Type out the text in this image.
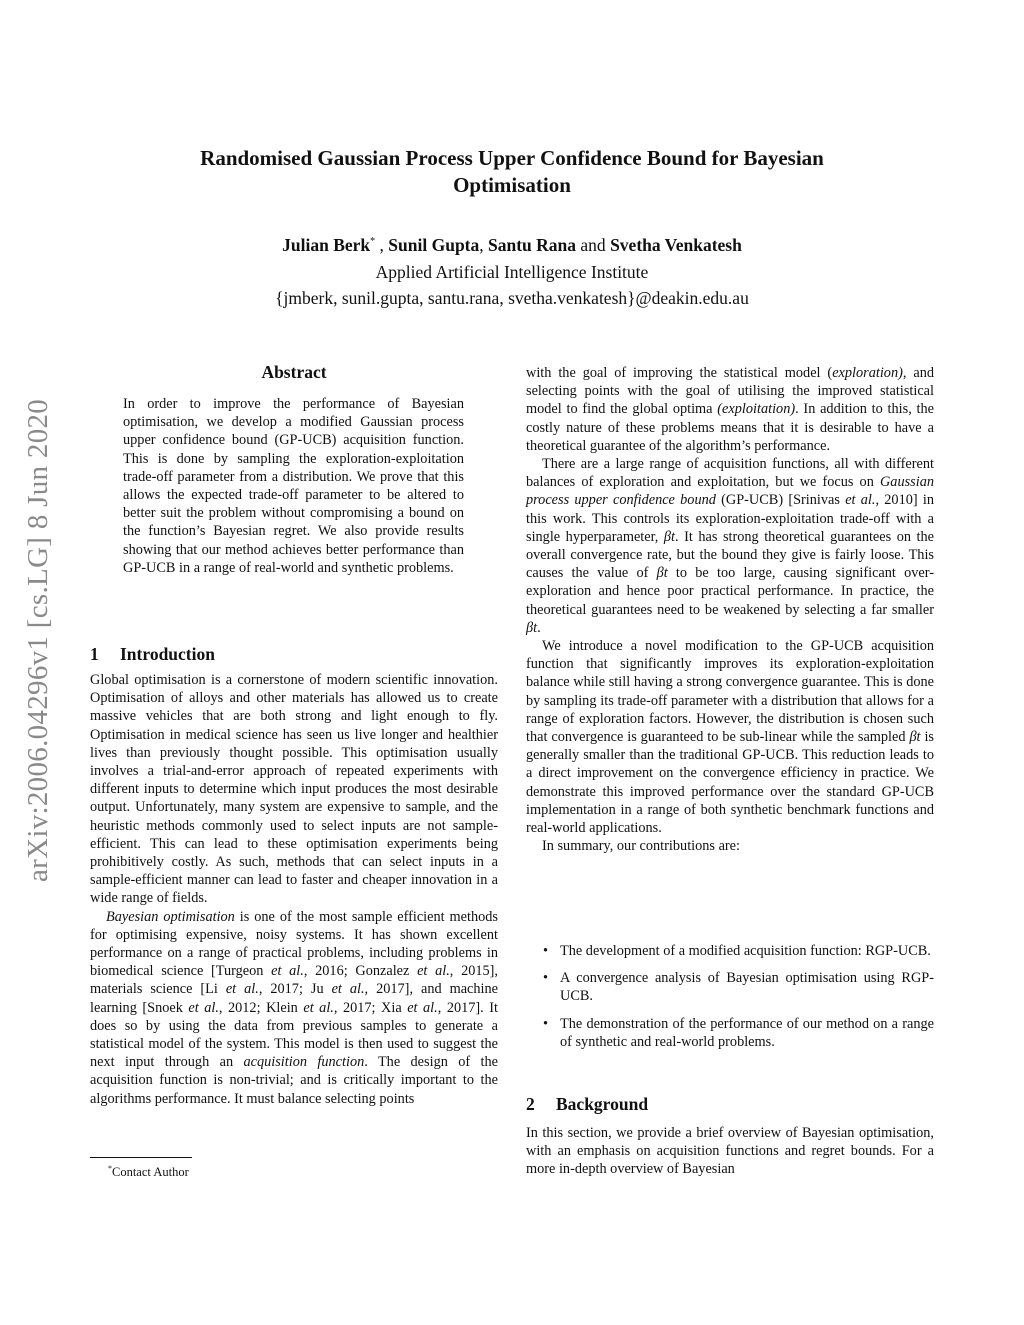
arXiv:2006.04296v1 [cs.LG] 8 Jun 2020
Randomised Gaussian Process Upper Confidence Bound for Bayesian
Optimisation
Julian Berk* , Sunil Gupta, Santu Rana and Svetha Venkatesh
Applied Artificial Intelligence Institute
{jmberk, sunil.gupta, santu.rana, svetha.venkatesh}@deakin.edu.au
Abstract
In order to improve the performance of Bayesian optimisation, we develop a modified Gaussian process upper confidence bound (GP-UCB) acquisition function. This is done by sampling the exploration-exploitation trade-off parameter from a distribution. We prove that this allows the expected trade-off parameter to be altered to better suit the problem without compromising a bound on the function’s Bayesian regret. We also provide results showing that our method achieves better performance than GP-UCB in a range of real-world and synthetic problems.
1 Introduction

Global optimisation is a cornerstone of modern scientific innovation. Optimisation of alloys and other materials has allowed us to create massive vehicles that are both strong and light enough to fly. Optimisation in medical science has seen us live longer and healthier lives than previously thought possible. This optimisation usually involves a trial-and-error approach of repeated experiments with different inputs to determine which input produces the most desirable output. Unfortunately, many system are expensive to sample, and the heuristic methods commonly used to select inputs are not sample-efficient. This can lead to these optimisation experiments being prohibitively costly. As such, methods that can select inputs in a sample-efficient manner can lead to faster and cheaper innovation in a wide range of fields.

Bayesian optimisation is one of the most sample efficient methods for optimising expensive, noisy systems. It has shown excellent performance on a range of practical problems, including problems in biomedical science [Turgeon et al., 2016; Gonzalez et al., 2015], materials science [Li et al., 2017; Ju et al., 2017], and machine learning [Snoek et al., 2012; Klein et al., 2017; Xia et al., 2017]. It does so by using the data from previous samples to generate a statistical model of the system. This model is then used to suggest the next input through an acquisition function. The design of the acquisition function is non-trivial; and is critically important to the algorithms performance. It must balance selecting points

with the goal of improving the statistical model (exploration), and selecting points with the goal of utilising the improved statistical model to find the global optima (exploitation). In addition to this, the costly nature of these problems means that it is desirable to have a theoretical guarantee of the algorithm’s performance.

There are a large range of acquisition functions, all with different balances of exploration and exploitation, but we focus on Gaussian process upper confidence bound (GP-UCB) [Srinivas et al., 2010] in this work. This controls its exploration-exploitation trade-off with a single hyperparameter, βt. It has strong theoretical guarantees on the overall convergence rate, but the bound they give is fairly loose. This causes the value of βt to be too large, causing significant over-exploration and hence poor practical performance. In practice, the theoretical guarantees need to be weakened by selecting a far smaller βt.

We introduce a novel modification to the GP-UCB acquisition function that significantly improves its exploration-exploitation balance while still having a strong convergence guarantee. This is done by sampling its trade-off parameter with a distribution that allows for a range of exploration factors. However, the distribution is chosen such that convergence is guaranteed to be sub-linear while the sampled βt is generally smaller than the traditional GP-UCB. This reduction leads to a direct improvement on the convergence efficiency in practice. We demonstrate this improved performance over the standard GP-UCB implementation in a range of both synthetic benchmark functions and real-world applications.

In summary, our contributions are:

• The development of a modified acquisition function: RGP-UCB.
• A convergence analysis of Bayesian optimisation using RGP-UCB.
• The demonstration of the performance of our method on a range of synthetic and real-world problems.
2 Background
In this section, we provide a brief overview of Bayesian optimisation, with an emphasis on acquisition functions and regret bounds. For a more in-depth overview of Bayesian
*Contact Author
